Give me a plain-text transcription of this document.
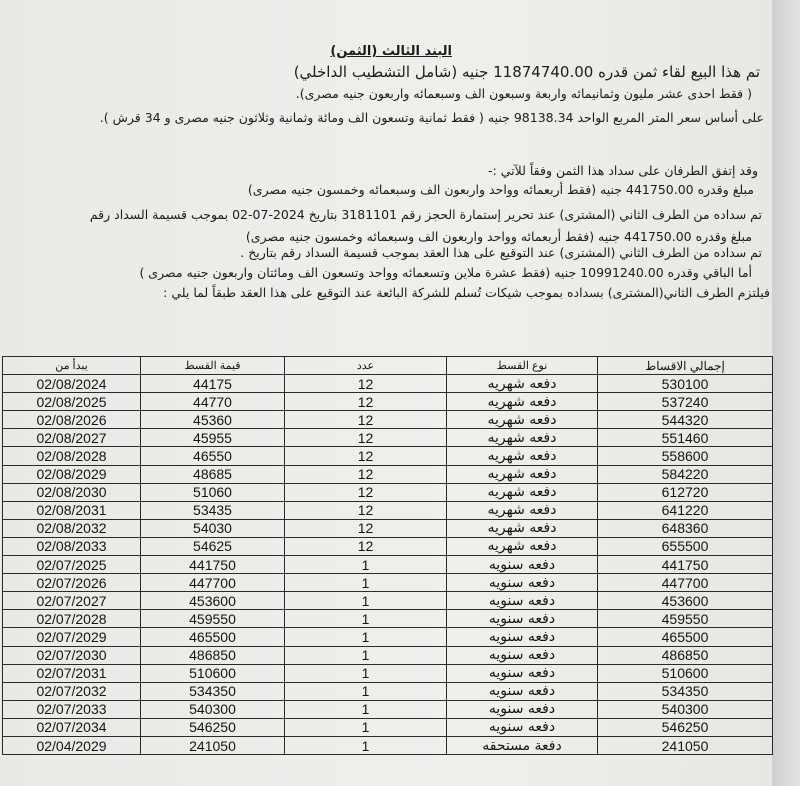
البند الثالث (الثمن)
تم هذا البيع لقاء ثمن قدره 11874740.00 جنيه (شامل التشطيب الداخلي)
( فقط احدى عشر مليون وثمانيمائه واربعة وسبعون الف وسبعمائه واربعون جنيه مصرى).
على أساس سعر المتر المربع الواحد 98138.34 جنيه ( فقط ثمانية وتسعون الف ومائة وثمانية وثلاثون جنيه مصرى و 34 قرش ).
وقد إتفق الطرفان على سداد هذا الثمن وفقاً للآتي :-
مبلغ وقدره 441750.00 جنيه (فقط أربعمائه وواحد واربعون الف وسبعمائه وخمسون جنيه مصرى)
تم سداده من الطرف الثاني (المشترى) عند تحرير إستمارة الحجز رقم 3181101 بتاريخ 2024-07-02 بموجب قسيمة السداد رقم
مبلغ وقدره 441750.00 جنيه (فقط أربعمائه وواحد واربعون الف وسبعمائه وخمسون جنيه مصرى)
تم سداده من الطرف الثاني (المشترى) عند التوقيع على هذا العقد بموجب قسيمة السداد رقم بتاريخ .
أما الباقي وقدره 10991240.00 جنيه (فقط عشرة ملاين وتسعمائه وواحد وتسعون الف ومائتان واربعون جنيه مصرى )
فيلتزم الطرف الثاني(المشترى) بسداده بموجب شيكات تُسلم للشركة البائعة عند التوقيع على هذا العقد طبقاً لما يلي :
يبدأ من	قيمة القسط	عدد	نوع القسط	إجمالي الاقساط
02/08/2024	44175	12	دفعه شهريه	530100
02/08/2025	44770	12	دفعه شهريه	537240
02/08/2026	45360	12	دفعه شهريه	544320
02/08/2027	45955	12	دفعه شهريه	551460
02/08/2028	46550	12	دفعه شهريه	558600
02/08/2029	48685	12	دفعه شهريه	584220
02/08/2030	51060	12	دفعه شهريه	612720
02/08/2031	53435	12	دفعه شهريه	641220
02/08/2032	54030	12	دفعه شهريه	648360
02/08/2033	54625	12	دفعه شهريه	655500
02/07/2025	441750	1	دفعه سنويه	441750
02/07/2026	447700	1	دفعه سنويه	447700
02/07/2027	453600	1	دفعه سنويه	453600
02/07/2028	459550	1	دفعه سنويه	459550
02/07/2029	465500	1	دفعه سنويه	465500
02/07/2030	486850	1	دفعه سنويه	486850
02/07/2031	510600	1	دفعه سنويه	510600
02/07/2032	534350	1	دفعه سنويه	534350
02/07/2033	540300	1	دفعه سنويه	540300
02/07/2034	546250	1	دفعه سنويه	546250
02/04/2029	241050	1	دفعة مستحقه	241050
